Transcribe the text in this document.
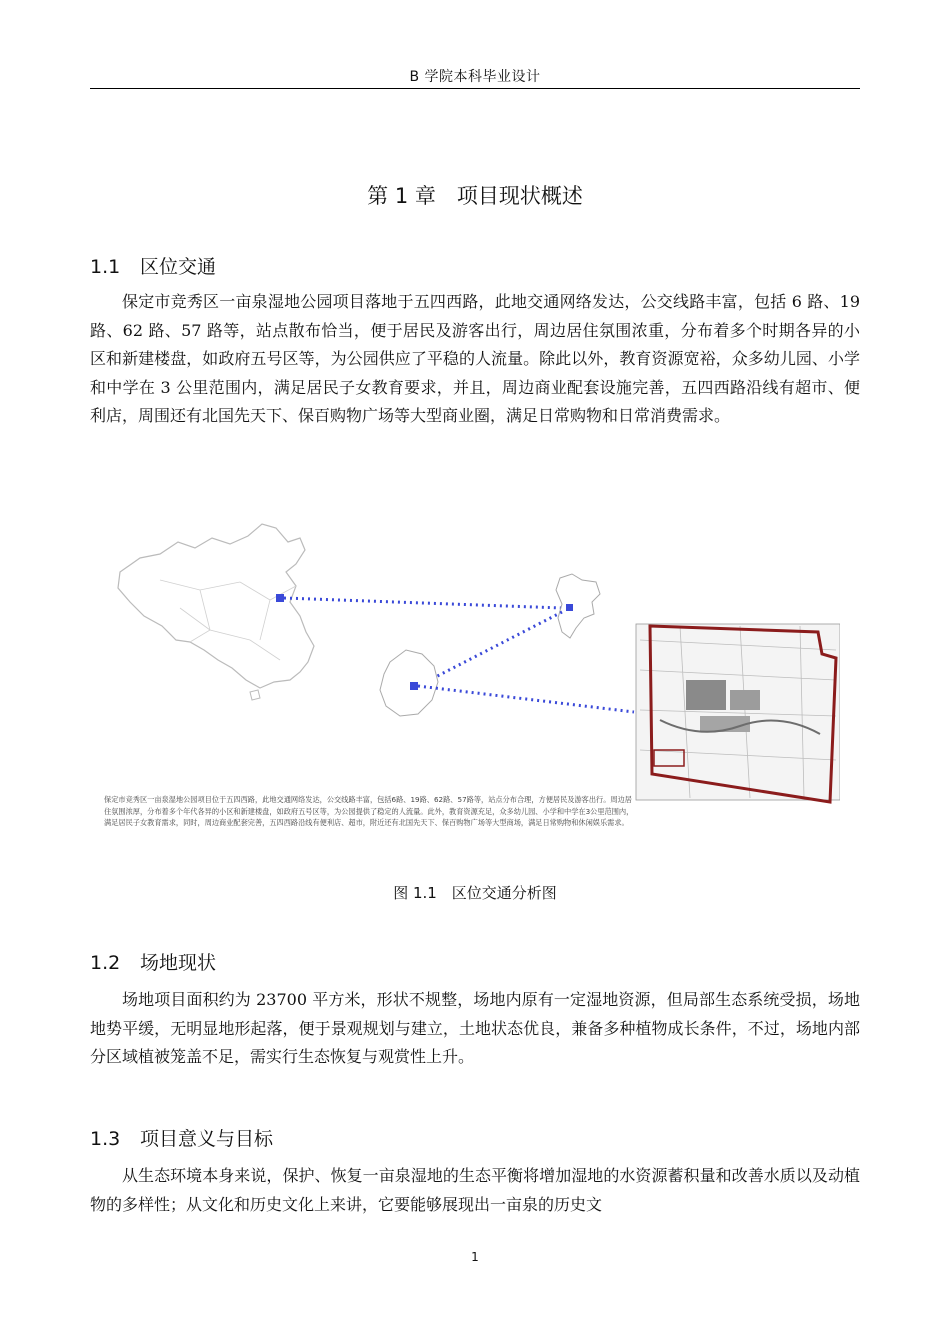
B 学院本科毕业设计
第 1 章　项目现状概述
1.1 区位交通

保定市竞秀区一亩泉湿地公园项目落地于五四西路，此地交通网络发达，公交线路丰富，包括 6 路、19 路、62 路、57 路等，站点散布恰当，便于居民及游客出行，周边居住氛围浓重，分布着多个时期各异的小区和新建楼盘，如政府五号区等，为公园供应了平稳的人流量。除此以外，教育资源宽裕，众多幼儿园、小学和中学在 3 公里范围内，满足居民子女教育要求，并且，周边商业配套设施完善，五四西路沿线有超市、便利店，周围还有北国先天下、保百购物广场等大型商业圈，满足日常购物和日常消费需求。

保定市竞秀区一亩泉湿地公园项目位于五四西路，此地交通网络发达，公交线路丰富，包括6路、19路、62路、57路等，站点分布合理，方便居民及游客出行。周边居住氛围浓厚，分布着多个年代各异的小区和新建楼盘，如政府五号区等，为公园提供了稳定的人流量。此外，教育资源充足，众多幼儿园、小学和中学在3公里范围内，满足居民子女教育需求，同时，周边商业配套完善，五四西路沿线有便利店、超市，附近还有北国先天下、保百购物广场等大型商场，满足日常购物和休闲娱乐需求。
图 1.1　区位交通分析图
1.2 场地现状

场地项目面积约为 23700 平方米，形状不规整，场地内原有一定湿地资源，但局部生态系统受损，场地地势平缓，无明显地形起落，便于景观规划与建立，土地状态优良，兼备多种植物成长条件，不过，场地内部分区域植被笼盖不足，需实行生态恢复与观赏性上升。

1.3 项目意义与目标

从生态环境本身来说，保护、恢复一亩泉湿地的生态平衡将增加湿地的水资源蓄积量和改善水质以及动植物的多样性；从文化和历史文化上来讲，它要能够展现出一亩泉的历史文

1
